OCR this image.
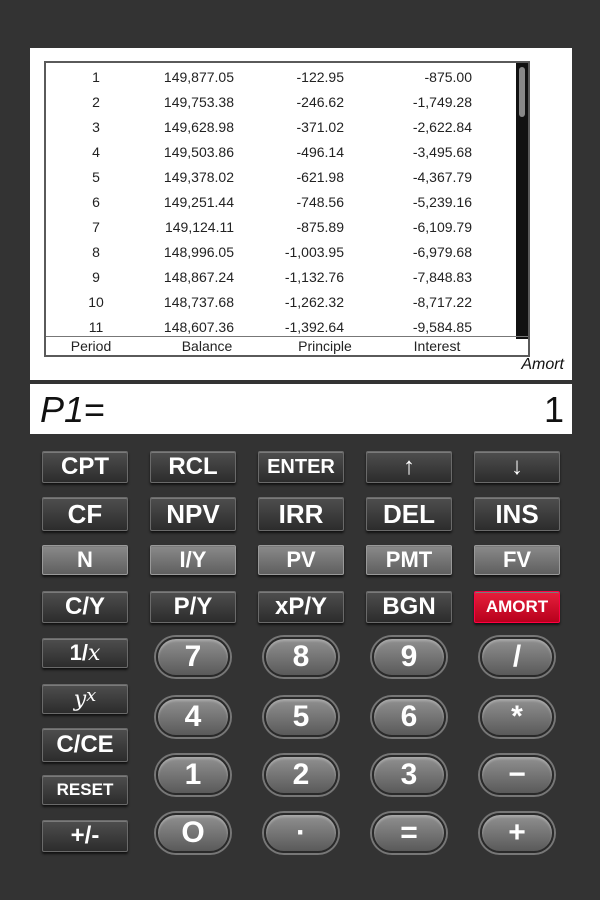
1	149,877.05	-122.95	-875.00
2	149,753.38	-246.62	-1,749.28
3	149,628.98	-371.02	-2,622.84
4	149,503.86	-496.14	-3,495.68
5	149,378.02	-621.98	-4,367.79
6	149,251.44	-748.56	-5,239.16
7	149,124.11	-875.89	-6,109.79
8	148,996.05	-1,003.95	-6,979.68
9	148,867.24	-1,132.76	-7,848.83
10	148,737.68	-1,262.32	-8,717.22
11	148,607.36	-1,392.64	-9,584.85
Period	Balance	Principle	Interest
Amort
P1=	1
CPT	RCL	ENTER	↑	↓
CF	NPV	IRR	DEL	INS
N	I/Y	PV	PMT	FV
C/Y	P/Y	xP/Y	BGN	AMORT
1/ x
y x
C/CE
RESET
+/-
7	8	9	/
4	5	6	*
1	2	3	−
O	·	=	+
